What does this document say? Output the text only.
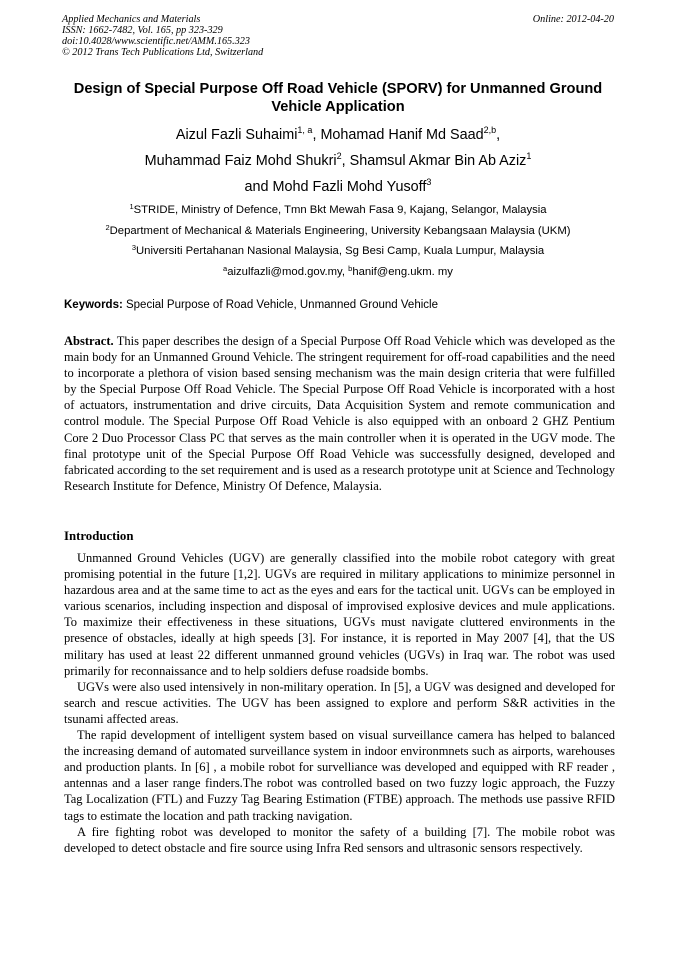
Applied Mechanics and Materials
ISSN: 1662-7482, Vol. 165, pp 323-329
doi:10.4028/www.scientific.net/AMM.165.323
© 2012 Trans Tech Publications Ltd, Switzerland
Online: 2012-04-20
Design of Special Purpose Off Road Vehicle (SPORV) for Unmanned Ground Vehicle Application
Aizul Fazli Suhaimi$^{1, a}$, Mohamad Hanif Md Saad$^{2,b}$,
Muhammad Faiz Mohd Shukri$^2$, Shamsul Akmar Bin Ab Aziz$^1$
and Mohd Fazli Mohd Yusoff$^3$
$^1$STRIDE, Ministry of Defence, Tmn Bkt Mewah Fasa 9, Kajang, Selangor, Malaysia
$^2$Department of Mechanical & Materials Engineering, University Kebangsaan Malaysia (UKM)
$^3$Universiti Pertahanan Nasional Malaysia, Sg Besi Camp, Kuala Lumpur, Malaysia
$^a$aizulfazli@mod.gov.my, $^b$hanif@eng.ukm. my
Keywords: Special Purpose of Road Vehicle, Unmanned Ground Vehicle
Abstract. This paper describes the design of a Special Purpose Off Road Vehicle which was developed as the main body for an Unmanned Ground Vehicle. The stringent requirement for off-road capabilities and the need to incorporate a plethora of vision based sensing mechanism was the main design criteria that were fulfilled by the Special Purpose Off Road Vehicle. The Special Purpose Off Road Vehicle is incorporated with a host of actuators, instrumentation and drive circuits, Data Acquisition System and remote communication and control module. The Special Purpose Off Road Vehicle is also equipped with an onboard 2 GHZ Pentium Core 2 Duo Processor Class PC that serves as the main controller when it is operated in the UGV mode. The final prototype unit of the Special Purpose Off Road Vehicle was successfully designed, developed and fabricated according to the set requirement and is used as a research prototype unit at Science and Technology Research Institute for Defence, Ministry Of Defence, Malaysia.
Introduction

Unmanned Ground Vehicles (UGV) are generally classified into the mobile robot category with great promising potential in the future [1,2]. UGVs are required in military applications to minimize personnel in hazardous area and at the same time to act as the eyes and ears for the tactical unit. UGVs can be employed in various scenarios, including inspection and disposal of improvised explosive devices and mule applications. To maximize their effectiveness in these situations, UGVs must navigate cluttered environments in the presence of obstacles, ideally at high speeds [3]. For instance, it is reported in May 2007 [4], that the US military has used at least 22 different unmanned ground vehicles (UGVs) in Iraq war. The robot was used primarily for reconnaissance and to help soldiers defuse roadside bombs.

UGVs were also used intensively in non-military operation. In [5], a UGV was designed and developed for search and rescue activities. The UGV has been assigned to explore and perform S&R activities in the tsunami affected areas.

The rapid development of intelligent system based on visual surveillance camera has helped to balanced the increasing demand of automated surveillance system in indoor environmnets such as airports, warehouses and production plants. In [6] , a mobile robot for survelliance was developed and equipped with RF reader , antennas and a laser range finders.The robot was controlled based on two fuzzy logic approach, the Fuzzy Tag Localization (FTL) and Fuzzy Tag Bearing Estimation (FTBE) approach. The methods use passive RFID tags to estimate the location and path tracking navigation.

A fire fighting robot was developed to monitor the safety of a building [7]. The mobile robot was developed to detect obstacle and fire source using Infra Red sensors and ultrasonic sensors respectively.
